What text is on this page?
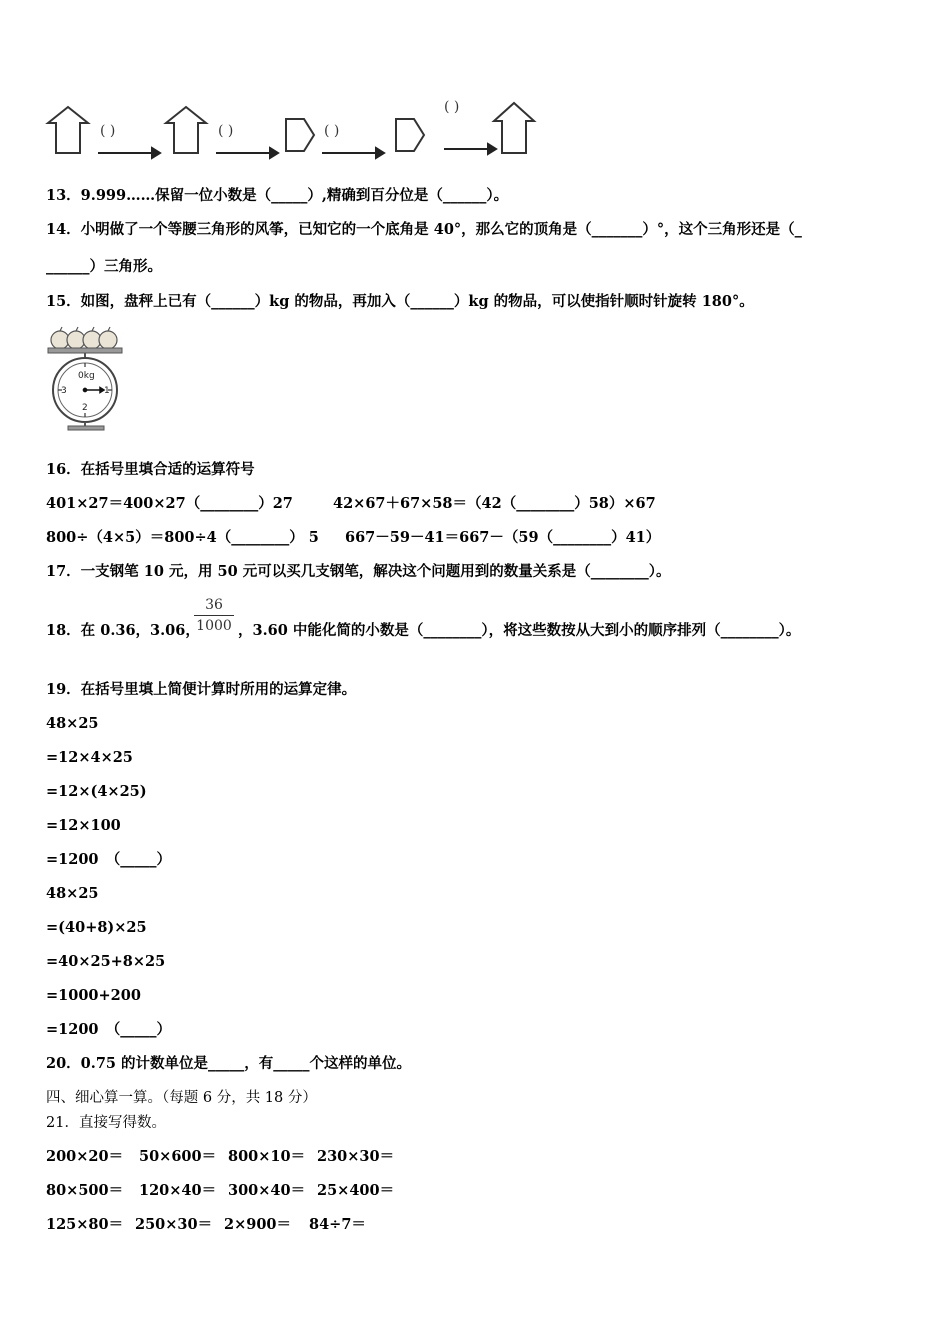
( )	( )	( )
( )
13．9.999……保留一位小数是（_____）,精确到百分位是（______）。
14．小明做了一个等腰三角形的风筝，已知它的一个底角是 40°，那么它的顶角是（_______）°，这个三角形还是（_
______）三角形。
15．如图，盘秤上已有（______）kg 的物品，再加入（______）kg 的物品，可以使指针顺时针旋转 180°。
0kg
3	1
2
16．在括号里填合适的运算符号
401×27＝400×27（________）27	42×67＋67×58＝（42（________）58）×67
800÷（4×5）＝800÷4（________） 5 667－59－41＝667－（59（________）41）
17．一支钢笔 10 元，用 50 元可以买几支钢笔，解决这个问题用到的数量关系是（________）。
18．在 0.36，3.06，
36
1000 ，3.60 中能化简的小数是（________），将这些数按从大到小的顺序排列（________）。
19．在括号里填上简便计算时所用的运算定律。
48×25
=12×4×25
=12×(4×25)
=12×100
=1200　（_____）
48×25
=(40+8)×25
=40×25+8×25
=1000+200
=1200　（_____）
20．0.75 的计数单位是_____，有_____个这样的单位。
四、细心算一算。（每题 6 分，共 18 分）
21．直接写得数。
200×20＝ 50×600＝ 800×10＝ 230×30＝
80×500＝ 120×40＝ 300×40＝ 25×400＝
125×80＝ 250×30＝ 2×900＝ 84÷7＝
